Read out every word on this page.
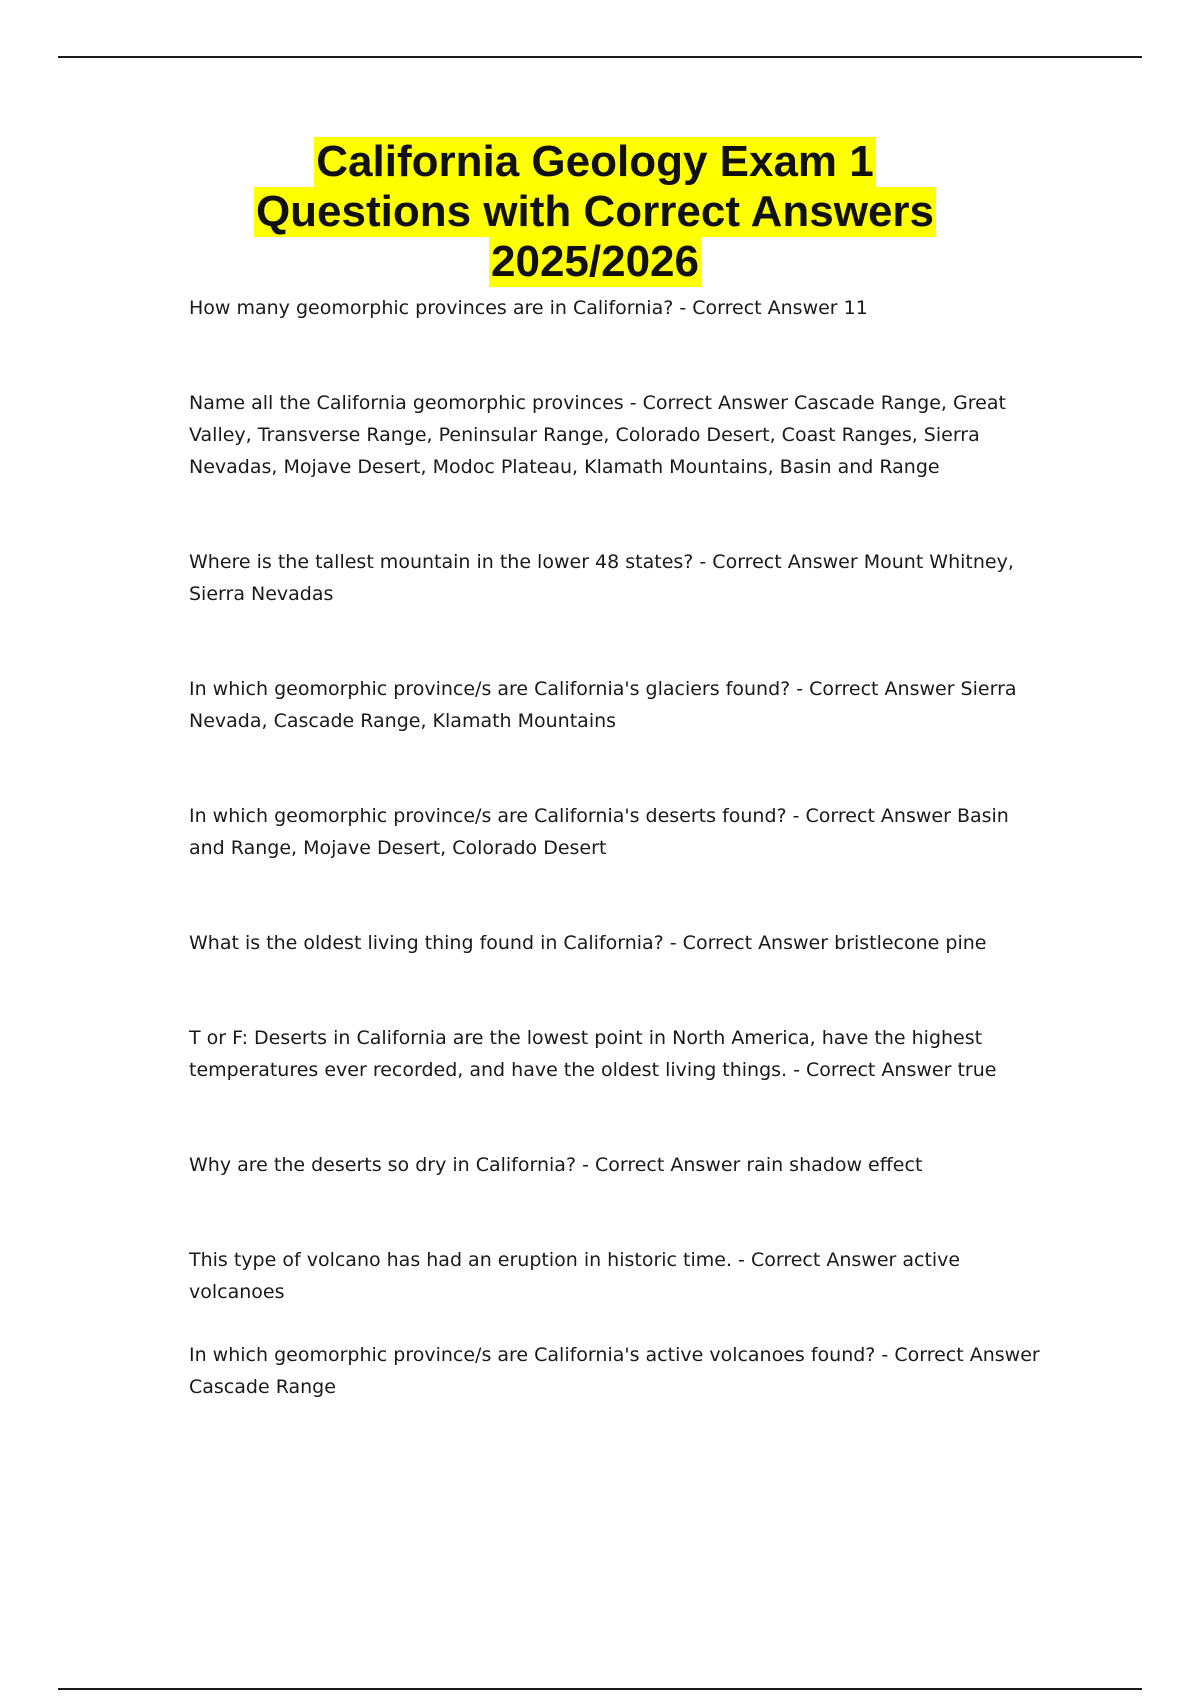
California Geology Exam 1
Questions with Correct Answers
2025/2026
How many geomorphic provinces are in California? - Correct Answer 11
Name all the California geomorphic provinces - Correct Answer Cascade Range, Great Valley, Transverse Range, Peninsular Range, Colorado Desert, Coast Ranges, Sierra Nevadas, Mojave Desert, Modoc Plateau, Klamath Mountains, Basin and Range
Where is the tallest mountain in the lower 48 states? - Correct Answer Mount Whitney, Sierra Nevadas
In which geomorphic province/s are California's glaciers found? - Correct Answer Sierra Nevada, Cascade Range, Klamath Mountains
In which geomorphic province/s are California's deserts found? - Correct Answer Basin and Range, Mojave Desert, Colorado Desert
What is the oldest living thing found in California? - Correct Answer bristlecone pine
T or F: Deserts in California are the lowest point in North America, have the highest temperatures ever recorded, and have the oldest living things. - Correct Answer true
Why are the deserts so dry in California? - Correct Answer rain shadow effect
This type of volcano has had an eruption in historic time. - Correct Answer active volcanoes
In which geomorphic province/s are California's active volcanoes found? - Correct Answer Cascade Range
